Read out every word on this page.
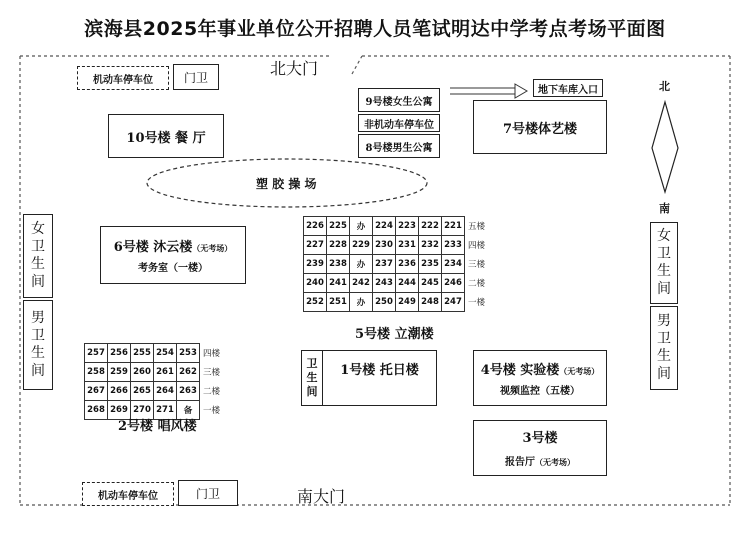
滨海县2025年事业单位公开招聘人员笔试明达中学考点考场平面图
机动车停车位	门卫	北大门
地下车库入口	北
南
10号楼 餐 厅
9号楼女生公寓
非机动车停车位
8号楼男生公寓
7号楼体艺楼
塑 胶 操 场
女
卫
生
间
男
卫
生
间
女
卫
生
间
男
卫
生
间
6号楼 沐云楼（无考场）
考务室（一楼）
226	225	办	224	223	222	221	五楼
227	228	229	230	231	232	233	四楼
239	238	办	237	236	235	234	三楼
240	241	242	243	244	245	246	二楼
252	251	办	250	249	248	247	一楼
5号楼 立潮楼
257	256	255	254	253	四楼
258	259	260	261	262	三楼
267	266	265	264	263	二楼
268	269	270	271	备	一楼
2号楼 唱风楼
卫
生
间
1号楼 托日楼	4号楼 实验楼（无考场）
视频监控（五楼）
3号楼
报告厅（无考场）
机动车停车位	门卫	南大门
